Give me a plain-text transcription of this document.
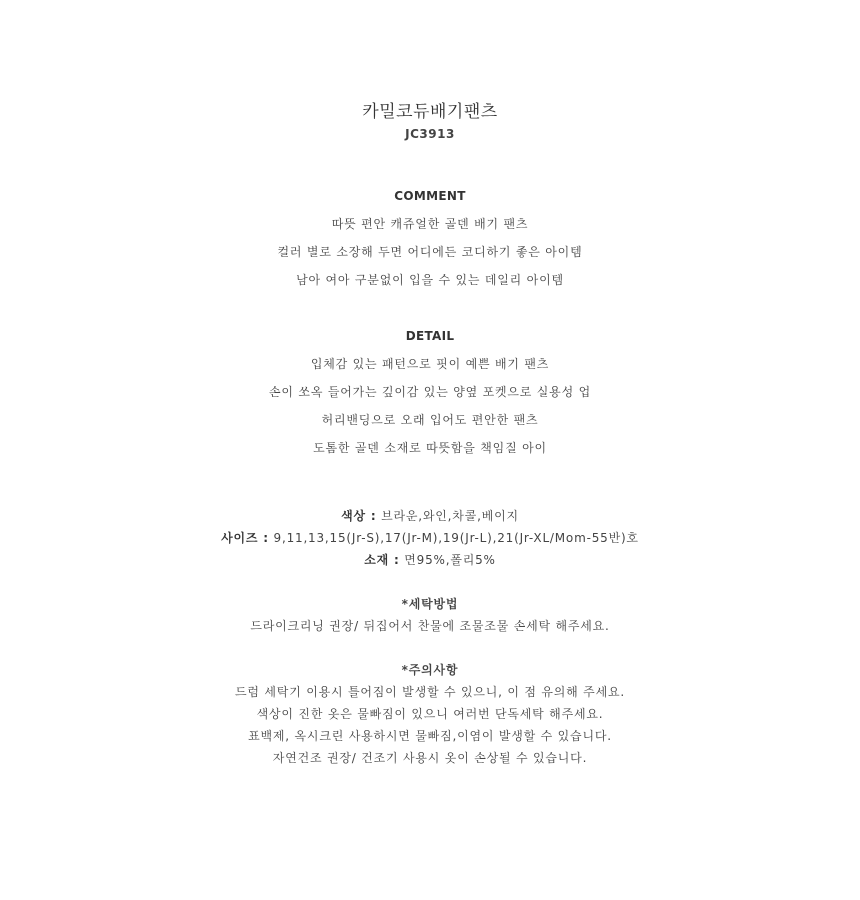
카밀코듀배기팬츠
JC3913
COMMENT
따뜻 편안 캐쥬얼한 골덴 배기 팬츠
컬러 별로 소장해 두면 어디에든 코디하기 좋은 아이템
남아 여아 구분없이 입을 수 있는 데일리 아이템
DETAIL
입체감 있는 패턴으로 핏이 예쁜 배기 팬츠
손이 쏘옥 들어가는 깊이감 있는 양옆 포켓으로 실용성 업
허리밴딩으로 오래 입어도 편안한 팬츠
도톰한 골덴 소재로 따뜻함을 책임질 아이
색상 : 브라운,와인,차콜,베이지
사이즈 : 9,11,13,15(Jr-S),17(Jr-M),19(Jr-L),21(Jr-XL/Mom-55반)호
소재 : 면95%,폴리5%
*세탁방법
드라이크리닝 권장/ 뒤집어서 찬물에 조물조물 손세탁 해주세요.
*주의사항
드럼 세탁기 이용시 틀어짐이 발생할 수 있으니, 이 점 유의해 주세요.
색상이 진한 옷은 물빠짐이 있으니 여러번 단독세탁 해주세요.
표백제, 옥시크린 사용하시면 물빠짐,이염이 발생할 수 있습니다.
자연건조 권장/ 건조기 사용시 옷이 손상될 수 있습니다.
